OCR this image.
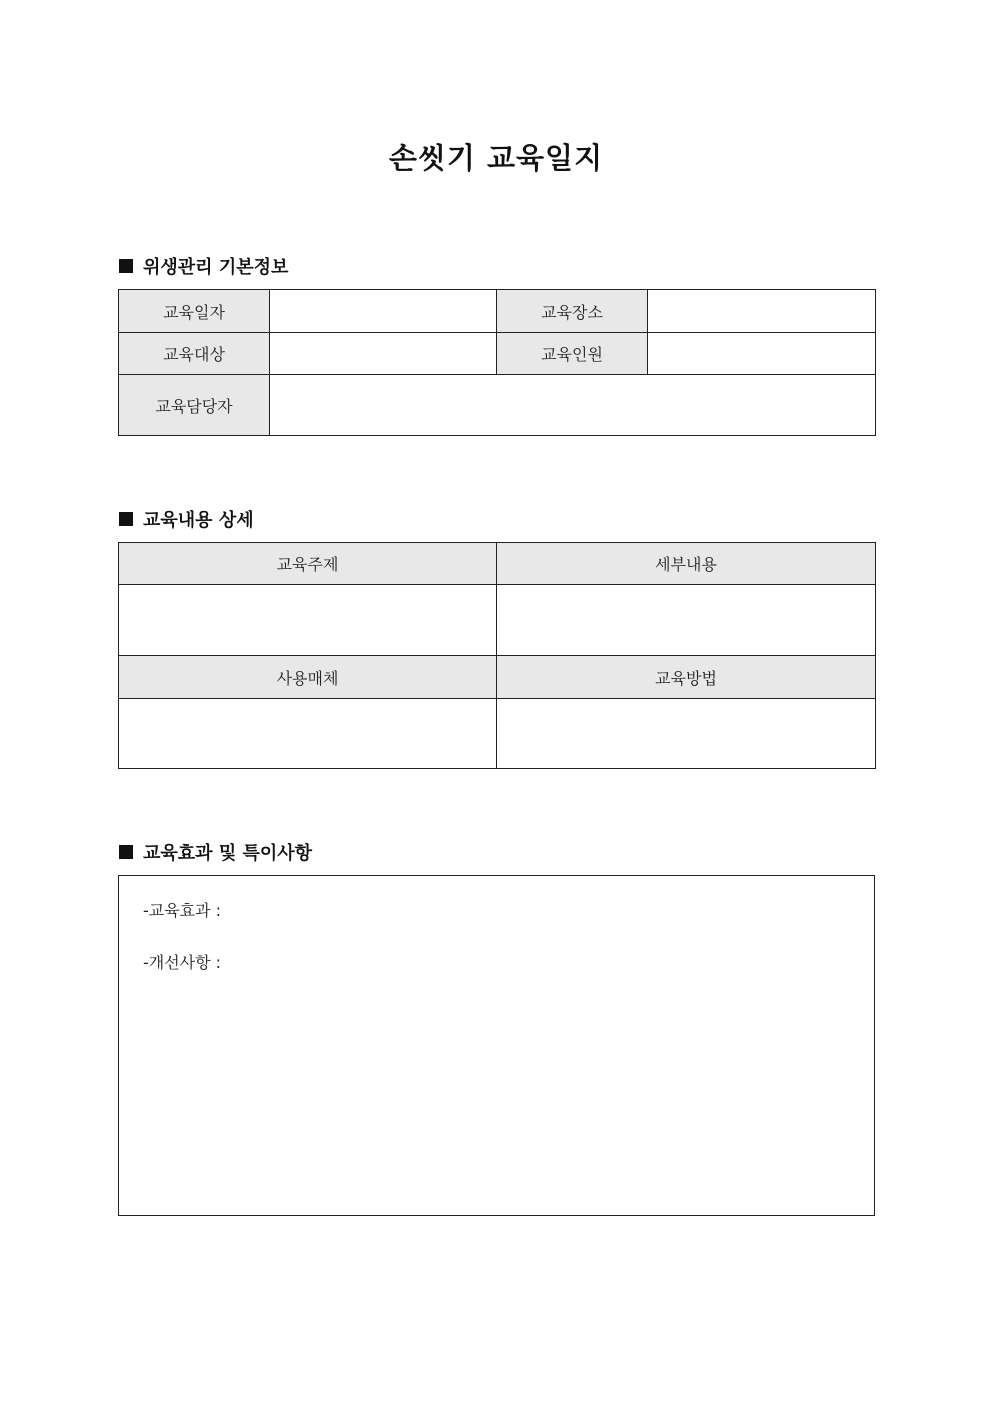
손씻기 교육일지
위생관리 기본정보
교육일자		교육장소	
교육대상		교육인원	
교육담당자			
교육내용 상세
교육주제	세부내용

사용매체	교육방법

교육효과 및 특이사항
-교육효과 :
-개선사항 :
